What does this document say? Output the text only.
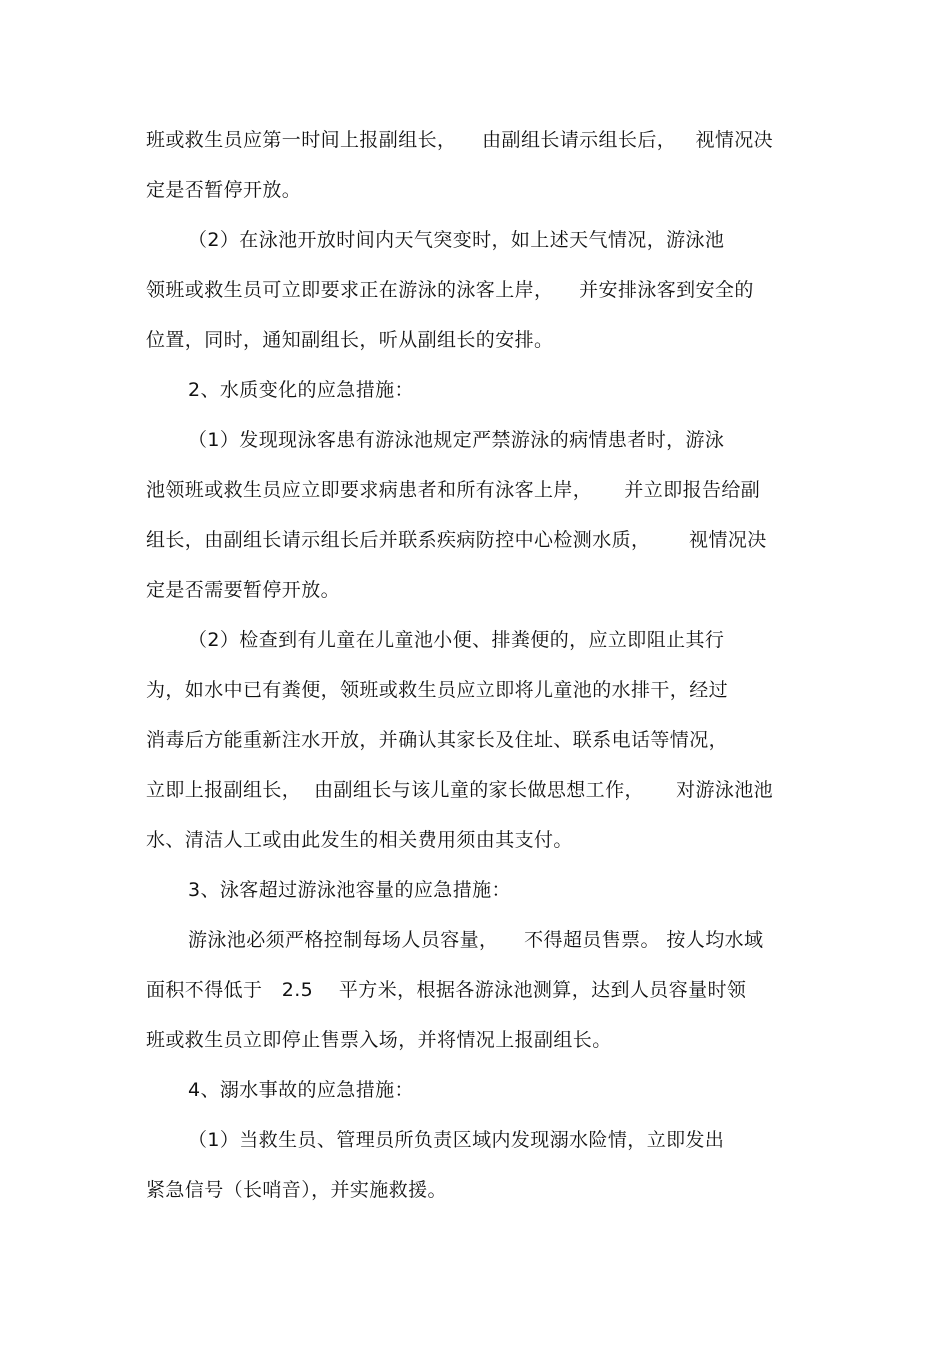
班或救生员应第一时间上报副组长，    由副组长请示组长后，   视情况决
定是否暂停开放。
（2）在泳池开放时间内天气突变时，如上述天气情况，游泳池
领班或救生员可立即要求正在游泳的泳客上岸，    并安排泳客到安全的
位置，同时，通知副组长，听从副组长的安排。
2、水质变化的应急措施：
（1）发现现泳客患有游泳池规定严禁游泳的病情患者时，游泳
池领班或救生员应立即要求病患者和所有泳客上岸，     并立即报告给副
组长，由副组长请示组长后并联系疾病防控中心检测水质，      视情况决
定是否需要暂停开放。
（2）检查到有儿童在儿童池小便、排粪便的，应立即阻止其行
为，如水中已有粪便，领班或救生员应立即将儿童池的水排干，经过
消毒后方能重新注水开放，并确认其家长及住址、联系电话等情况，
立即上报副组长，  由副组长与该儿童的家长做思想工作，     对游泳池池
水、清洁人工或由此发生的相关费用须由其支付。
3、泳客超过游泳池容量的应急措施：
游泳池必须严格控制每场人员容量，    不得超员售票。 按人均水域
面积不得低于   2.5    平方米，根据各游泳池测算，达到人员容量时领
班或救生员立即停止售票入场，并将情况上报副组长。
4、溺水事故的应急措施：
（1）当救生员、管理员所负责区域内发现溺水险情，立即发出
紧急信号（长哨音），并实施救援。
